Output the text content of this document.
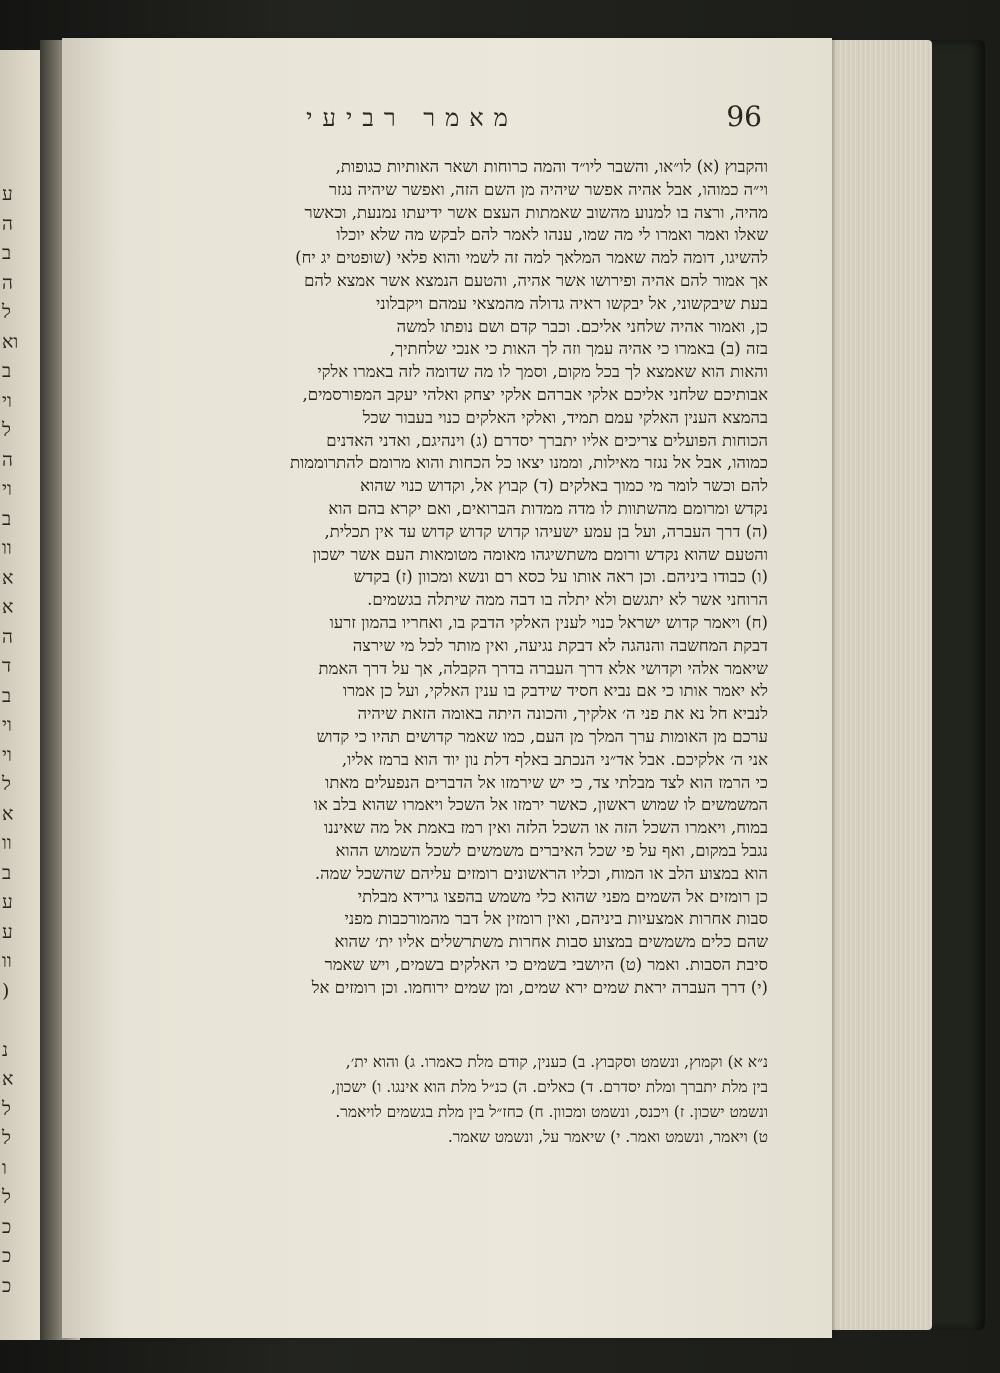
ע
ה
ב
ה
ל
וא
ב
וי
ל
ה
וי
ב
וו
א
א
ה
ד
ב
וי
וי
ל
א
וו
ב
ע
ע
וו
)

נ
א
ל
ל
ו
ל
כ
כ
כ
מאמר רביעי	96
והקבוץ (א) לו״או, והשבר ליו״ד והמה כרוחות ושאר האותיות כגופות,
וי״ה כמוהו, אבל אהיה אפשר שיהיה מן השם הזה, ואפשר שיהיה נגזר
מהיה, ורצה בו למנוע מהשוב שאמתות העצם אשר ידיעתו נמנעת, וכאשר
שאלו ואמר ואמרו לי מה שמו, ענהו לאמר להם לבקש מה שלא יוכלו
להשיגו, דומה למה שאמר המלאך למה זה לשמי והוא פלאי (שופטים יג יח)
אך אמור להם אהיה ופירושו אשר אהיה, והטעם הנמצא אשר אמצא להם
בעת שיבקשוני, אל יבקשו ראיה גדולה מהמצאי עמהם ויקבלוני
כן, ואמור אהיה שלחני אליכם. וכבר קדם ושם נופתו למשה
בזה (ב) באמרו כי אהיה עמך וזה לך האות כי אנכי שלחתיך,
והאות הוא שאמצא לך בכל מקום, וסמך לו מה שדומה לזה באמרו אלקי
אבותיכם שלחני אליכם אלקי אברהם אלקי יצחק ואלהי יעקב המפורסמים,
בהמצא הענין האלקי עמם תמיד, ואלקי האלקים כנוי בעבור שכל
הכוחות הפועלים צריכים אליו יתברך יסדרם (ג) וינהיגם, ואדני האדנים
כמוהו, אבל אל נגזר מאילות, וממנו יצאו כל הכחות והוא מרומם להתרוממות
להם וכשר לומר מי כמוך באלקים (ד) קבוץ אל, וקדוש כנוי שהוא
נקדש ומרומם מהשתוות לו מדה ממדות הברואים, ואם יקרא בהם הוא
(ה) דרך העברה, ועל בן עמע ישעיהו קדוש קדוש קדוש עד אין תכלית,
והטעם שהוא נקדש ורומם משתשיגהו מאומה מטומאות העם אשר ישכון
(ו) כבודו ביניהם. וכן ראה אותו על כסא רם ונשא ומכוון (ז) בקדש
הרוחני אשר לא יתגשם ולא יתלה בו דבה ממה שיתלה בגשמים.
(ח) ויאמר קדוש ישראל כנוי לענין האלקי הדבק בו, ואחריו בהמון זרעו
דבקת המחשבה והנהגה לא דבקת נגיעה, ואין מותר לכל מי שירצה
שיאמר אלהי וקדושי אלא דרך העברה בדרך הקבלה, אך על דרך האמת
לא יאמר אותו כי אם נביא חסיד שידבק בו ענין האלקי, ועל כן אמרו
לנביא חל נא את פני ה׳ אלקיך, והכונה היתה באומה הזאת שיהיה
ערכם מן האומות ערך המלך מן העם, כמו שאמר קדושים תהיו כי קדוש
אני ה׳ אלקיכם. אבל אד״ני הנכתב באלף דלת נון יוד הוא ברמז אליו,
כי הרמז הוא לצד מבלתי צד, כי יש שירמזו אל הדברים הנפעלים מאתו
המשמשים לו שמוש ראשון, כאשר ירמזו אל השכל ויאמרו שהוא בלב או
במוח, ויאמרו השכל הזה או השכל הלזה ואין רמז באמת אל מה שאיננו
נגבל במקום, ואף על פי שכל האיברים משמשים לשכל השמוש ההוא
הוא במצוע הלב או המוח, וכליו הראשונים רומזים עליהם שהשכל שמה.
כן רומזים אל השמים מפני שהוא כלי משמש בהפצו גרידא מבלתי
סבות אחרות אמצעיות ביניהם, ואין רומזין אל דבר מהמורכבות מפני
שהם כלים משמשים במצוע סבות אחרות משתרשלים אליו ית׳ שהוא
סיבת הסבות. ואמר (ט) היושבי בשמים כי האלקים בשמים, ויש שאמר
(י) דרך העברה יראת שמים ירא שמים, ומן שמים ירוחמו. וכן רומזים אל
נ״א א) וקמוץ, ונשמט וסקבוץ. ב) כענין, קודם מלת כאמרו. ג) והוא ית׳,
בין מלת יתברך ומלת יסדרם. ד) כאלים. ה) כנ״ל מלת הוא אינגו. ו) ישכון,
ונשמט ישכון. ז) ויכנס, ונשמט ומכוון. ח) כחז״ל בין מלת בגשמים לויאמר.
ט) ויאמר, ונשמט ואמר. י) שיאמר על, ונשמט שאמר.
